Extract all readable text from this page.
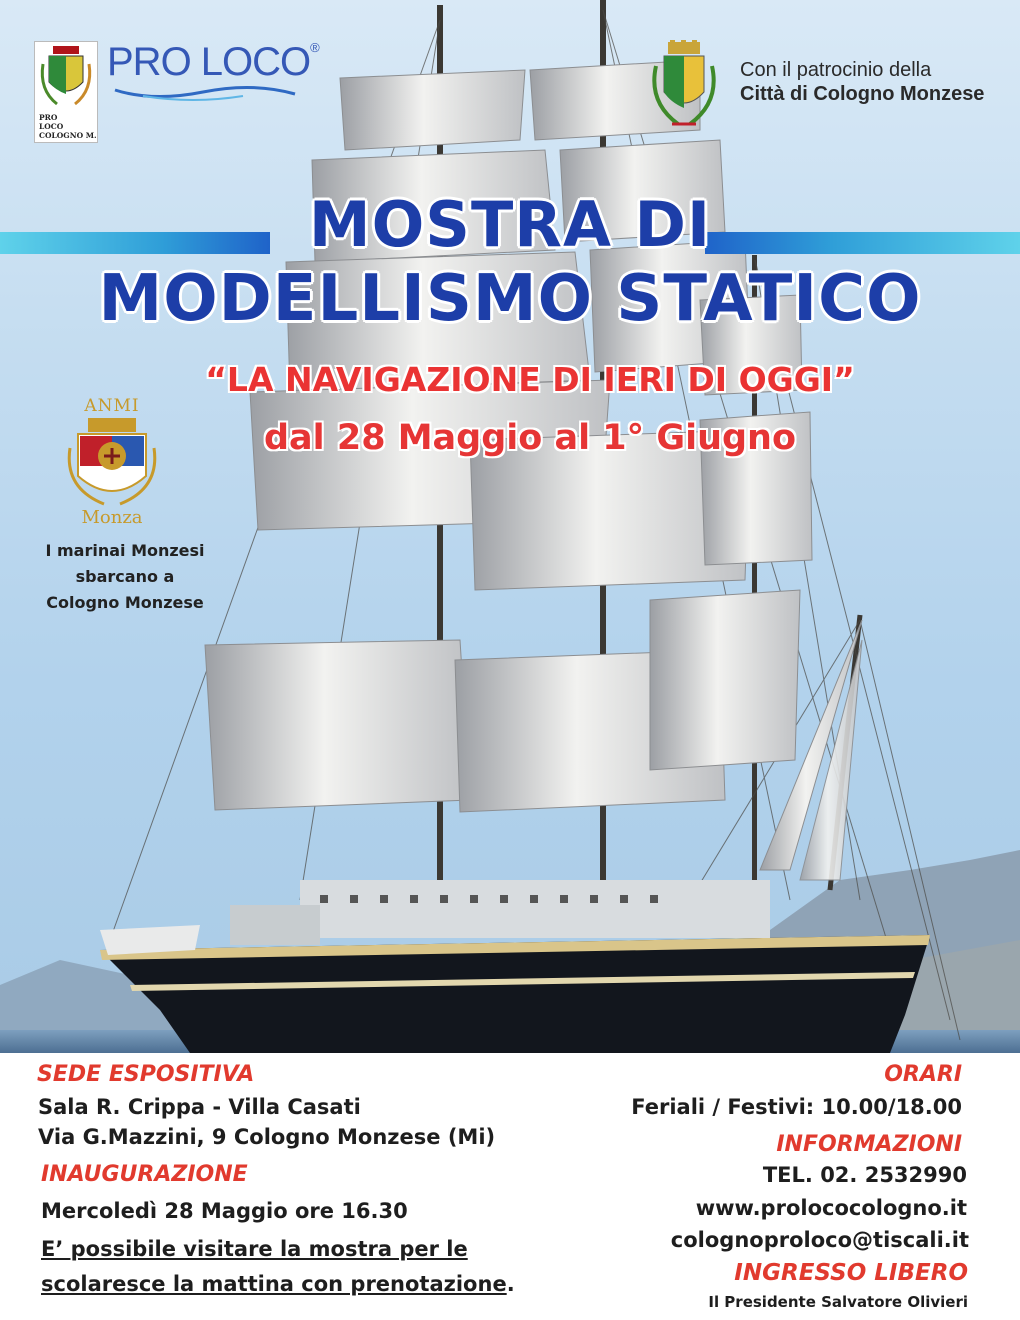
PRO
LOCO
COLOGNO M.
PRO LOCO®
Con il patrocinio della
Città di Cologno Monzese
MOSTRA DI
MODELLISMO STATICO
“LA NAVIGAZIONE DI IERI DI OGGI”
dal 28 Maggio al 1° Giugno
ANMI
Monza
I marinai Monzesi
sbarcano a
Cologno Monzese
SEDE ESPOSITIVA
Sala R. Crippa - Villa Casati
Via G.Mazzini, 9 Cologno Monzese (Mi)
INAUGURAZIONE
Mercoledì 28 Maggio ore 16.30
E’ possibile visitare la mostra per le
scolaresce la mattina con prenotazione.
ORARI
Feriali / Festivi: 10.00/18.00
INFORMAZIONI
TEL. 02. 2532990
www.prolococologno.it
colognoproloco@tiscali.it
INGRESSO LIBERO
Il Presidente Salvatore Olivieri
